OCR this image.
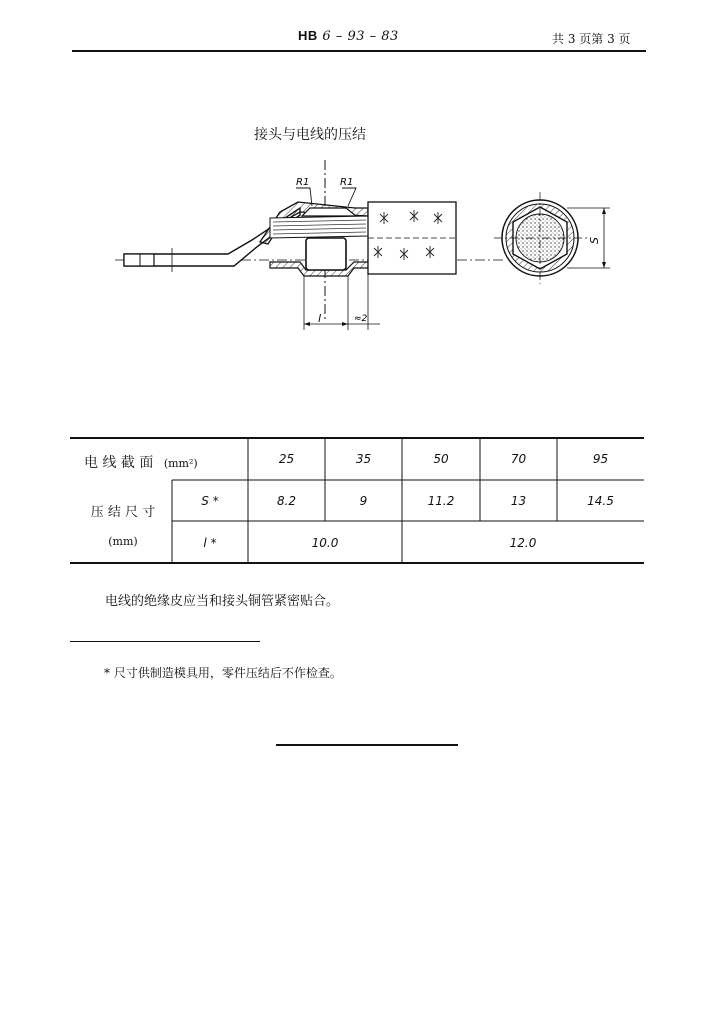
HB 6 – 93 – 83	共 3 页第 3 页
接头与电线的压结
R1	R1
l	≈2
S
电 线 截 面 (mm²)	25	35	50	70	95
压 结 尺 寸
(mm)
S *	8.2	9	11.2	13	14.5
l *	10.0	12.0
电线的绝缘皮应当和接头铜管紧密贴合。
* 尺寸供制造模具用，零件压结后不作检查。
